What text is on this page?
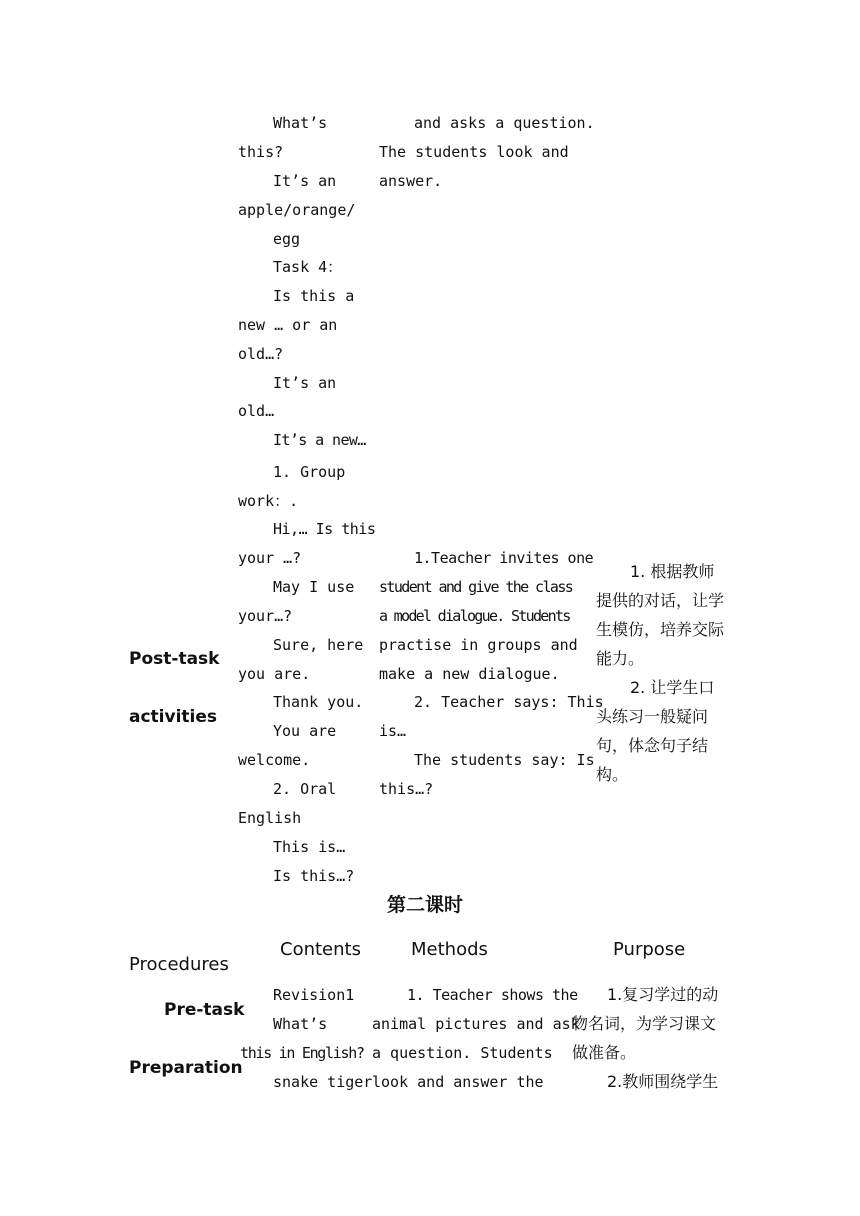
Post-task
activities
What’s
this?
It’s an
apple/orange/
egg
Task 4：
Is this a
new … or an
old…?
It’s an
old…
It’s a new…
1. Group
work：.
Hi,… Is this
your …?
May I use
your…?
Sure, here
you are.
Thank you.
You are
welcome.
2. Oral
English
This is…
Is this…?
and asks a question.
The students look and
answer.
1.Teacher invites one
student and give the class
a model dialogue. Students
practise in groups and
make a new dialogue.
2. Teacher says: This
is…
The students say: Is
this…?
1. 根据教师
提供的对话，让学
生模仿，培养交际
能力。
2. 让学生口
头练习一般疑问
句，体念句子结
构。
第二课时
Procedures
Contents	Methods	Purpose
Pre-task
Preparation
Revision1
What’s
this in English?
snake tiger
1. Teacher shows the
animal pictures and ask
a question. Students
look and answer the
1.复习学过的动
物名词，为学习课文
做准备。
2.教师围绕学生
